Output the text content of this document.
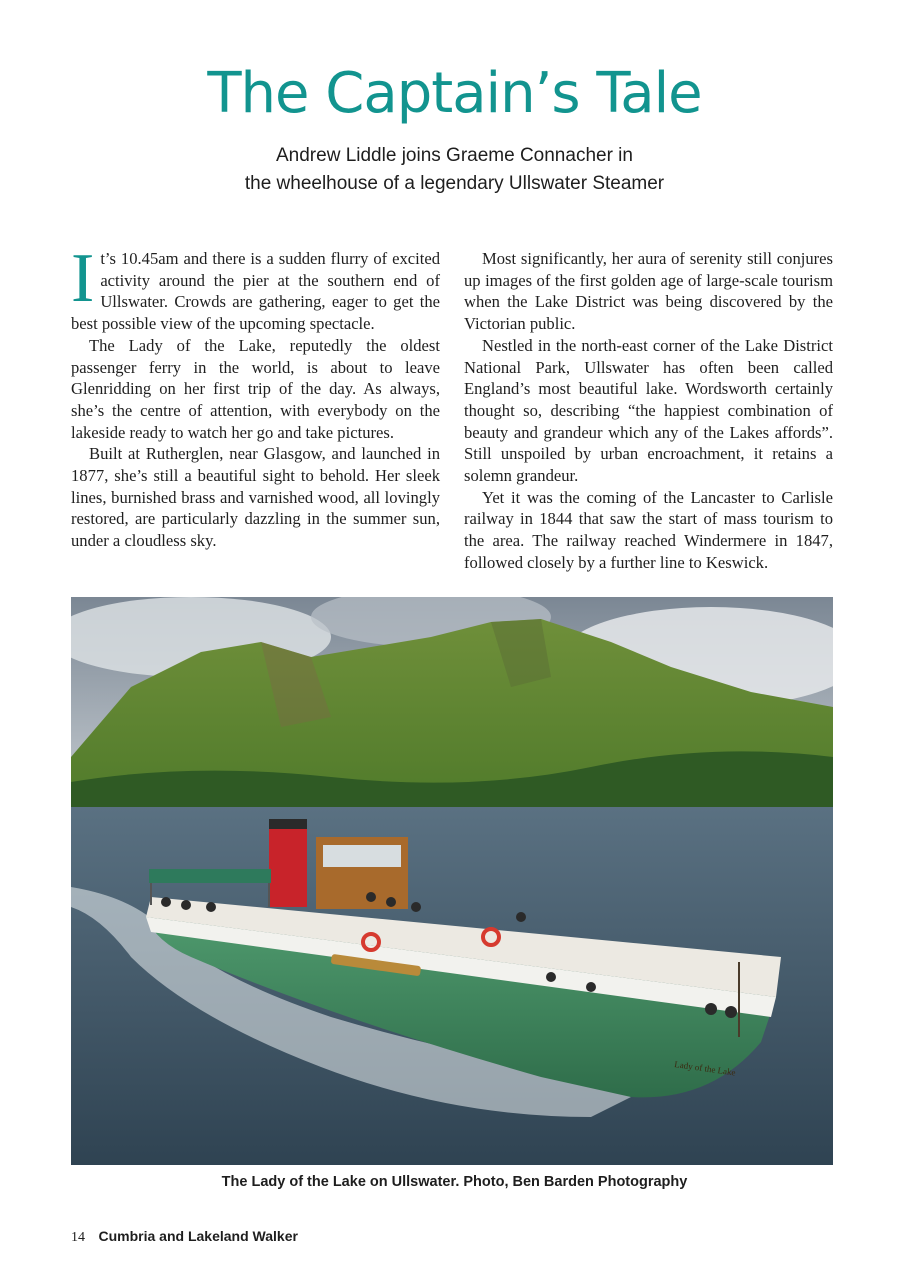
The Captain’s Tale
Andrew Liddle joins Graeme Connacher in
the wheelhouse of a legendary Ullswater Steamer

It’s 10.45am and there is a sudden flurry of excited activity around the pier at the southern end of Ullswater. Crowds are gathering, eager to get the best possible view of the upcoming spectacle.

The Lady of the Lake, reputedly the oldest passenger ferry in the world, is about to leave Glenridding on her first trip of the day. As always, she’s the centre of attention, with everybody on the lakeside ready to watch her go and take pictures.

Built at Rutherglen, near Glasgow, and launched in 1877, she’s still a beautiful sight to behold. Her sleek lines, burnished brass and varnished wood, all lovingly restored, are particularly dazzling in the summer sun, under a cloudless sky.

Most significantly, her aura of serenity still conjures up images of the first golden age of large-scale tourism when the Lake District was being discovered by the Victorian public.

Nestled in the north-east corner of the Lake District National Park, Ullswater has often been called England’s most beautiful lake. Wordsworth certainly thought so, describing “the happiest combination of beauty and grandeur which any of the Lakes affords”. Still unspoiled by urban encroachment, it retains a solemn grandeur.

Yet it was the coming of the Lancaster to Carlisle railway in 1844 that saw the start of mass tourism to the area. The railway reached Windermere in 1847, followed closely by a further line to Keswick.

Lady of the Lake
The Lady of the Lake on Ullswater. Photo, Ben Barden Photography
14 Cumbria and Lakeland Walker
